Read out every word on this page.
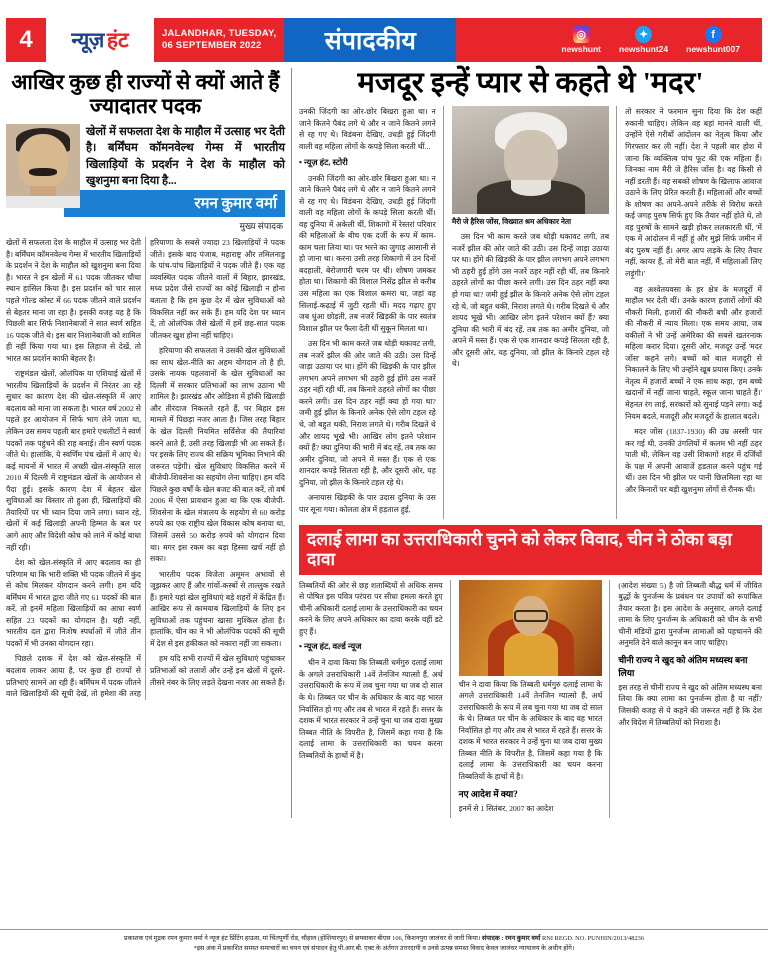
4	न्यूज़ हंट	JALANDHAR, TUESDAY,
06 SEPTEMBER 2022	संपादकीय	◎
newshunt
✦
newshunt24
f
newshunt007
आखिर कुछ ही राज्यों से क्यों आते हैं ज्यादातर पदक
खेलों में सफलता देश के माहौल में उत्साह भर देती है। बर्मिंघम कॉमनवेल्थ गेम्स में भारतीय खिलाड़ियों के प्रदर्शन ने देश के माहौल को खुशनुमा बना दिया है...
रमन कुमार वर्मा
मुख्य संपादक

खेलों में सफलता देश के माहौल में उत्साह भर देती है। बर्मिंघम कॉमनवेल्थ गेम्स में भारतीय खिलाड़ियों के प्रदर्शन ने देश के माहौल को खुशनुमा बना दिया है। भारत ने इन खेलों में 61 पदक जीतकर चौथा स्थान हासिल किया है। इस प्रदर्शन को चार साल पहले गोल्ड कोस्ट में 66 पदक जीतने वाले प्रदर्शन से बेहतर माना जा रहा है। इसकी वजह यह है कि पिछली बार सिर्फ निशानेबाजों ने सात स्वर्ण सहित 16 पदक जीते थे। इस बार निशानेबाजी को शामिल ही नहीं किया गया था। इस लिहाज से देखें, तो भारत का प्रदर्शन काफी बेहतर है।

राष्ट्रमंडल खेलों, ओलंपिक या एशियाई खेलों में भारतीय खिलाड़ियों के प्रदर्शन में निरंतर आ रहे सुधार का कारण देश की खेल-संस्कृति में आए बदलाव को माना जा सकता है। भारत वर्ष 2002 से पहले हर आयोजन में सिर्फ भाग लेने जाता था, लेकिन उस समय पहली बार हमारे एथलीटों ने स्वर्ण पदकों तक पहुंचने की राह बनाई। तीन स्वर्ण पदक जीते थे। हालांकि, ये स्वर्णिम पंच खेलों में आए थे। कई मायनों में भारत में अच्छी खेल-संस्कृति साल 2010 में दिल्ली में राष्ट्रमंडल खेलों के आयोजन से पैदा हुई। इसके कारण देश में बेहतर खेल सुविधाओं का विस्तार तो हुआ ही, खिलाड़ियों की तैयारियों पर भी ध्यान दिया जाने लगा। ध्यान रहे, खेलों में कई खिलाड़ी अपनी हिम्मत के बल पर आगे आए और विदेशी कोच को लाने में कोई बाधा नहीं रही।

देश को खेल-संस्कृति में आए बदलाव का ही परिणाम था कि भारी शक्ति भी पदक जीतने में कुंद से कोच मिलकर योगदान करने लगी। हम यदि बर्मिंघम में भारत द्वारा जीते गए 61 पदकों की बात करें, तो इनमें महिला खिलाड़ियों का आधा स्वर्ण सहित 23 पदकों का योगदान है। यही नहीं, भारतीय दल द्वारा निःशेष स्पर्धाओं में जीते तीन पदकों में भी उनका योगदान रहा।

पिछले दशक में देश को खेल-संस्कृति में बदलाव लाकर आया है, पर कुछ ही राज्यों से प्रतिभाएं सामने आ रही हैं। बर्मिंघम में पदक जीतने वाले खिलाड़ियों की सूची देखें, तो हमेशा की तरह हरियाणा के सबसे ज्यादा 23 खिलाड़ियों ने पदक जीते। इसके बाद पंजाब, महाराष्ट्र और तमिलनाडु के पांच-पांच खिलाड़ियों ने पदक जीते हैं। एक यह व्यवस्थित पदक जीतने वालों में बिहार, झारखंड, मध्य प्रदेश जैसे राज्यों का कोई खिलाड़ी न होना बताता है कि हम कुछ देर में खेल सुविधाओं को विकसित नहीं कर सके हैं। हम यदि देश पर ध्यान दें, तो ओलंपिक जैसे खेलों में हमें छह-सात पदक जीतकर खुश होना नहीं चाहिए।

हरियाणा की सफलता ने उसकी खेल सुविधाओं का साथ खेल-नीति का अहम योगदान तो है ही, उसके नायक पहलवानों के खेल सुविधाओं का दिल्ली में सरकार प्रतिभाओं का लाभ उठाना भी शामिल है। झारखंड और ओडिशा में हॉकी खिलाड़ी और तीरंदाज निकलते रहते हैं, पर बिहार इस मामले में पिछड़ा नजर आता है। जिस तरह बिहार के खेल दिल्ली नियमित सर्विसेज की तैयारियां करने आते हैं, उसी तरह खिलाड़ी भी आ सकते हैं। पर इसके लिए राज्य की सक्रिय भूमिका निभाने की जरूरत पड़ेगी। खेल सुविधाएं विकसित करने में बीजेपी-शिवसेना का सहयोग लेना चाहिए। हम यदि पिछले कुछ वर्षों के खेल बजट की बात करें, तो वर्ष 2006 में ऐसा प्रावधान हुआ था कि एक बीजेपी-शिवसेना के खेल मंत्रालय के सहयोग से 60 करोड़ रुपये का एक राष्ट्रीय खेल विकास कोष बनाया था, जिसमें उससे 50 करोड़ रुपये को योगदान दिया था। मगर इस रकम का बड़ा हिस्सा खर्च नहीं हो सका।

भारतीय पदक विजेता अमूमन अभावों से जूझकर आए हैं और गांवों-कस्बों से ताल्लुक रखते हैं। हमारे यहां खेल सुविधाएं बड़े शहरों में केंद्रित हैं। आखिर रूप से कामयाब खिलाड़ियों के लिए इन सुविधाओं तक पहुंचना खासा मुश्किल होता है। हालांकि, चीन का ने भी ओलंपिक पदकों की सूची में देश से इस हकीकत को नकारा नहीं जा सकता।

हम यदि सभी राज्यों में खेल सुविधाएं पहुंचाकर प्रतिभाओं को तलाशें और उन्हें इन खेलों में दूसरे-तीसरे नंबर के लिए लड़ते देखना नजर आ सकते हैं।

मजदूर इन्हें प्यार से कहते थे 'मदर'

उनकी जिंदगी का ओर-छोर बिखरा हुआ था। न जाने कितने पैबंद लगे थे और न जाने कितने लगने से रह गए थे। विडंबना देखिए, उधड़ी हुई जिंदगी वाली वह महिला लोगों के कपड़े सिला करती थीं...

• न्यूज़ हंट, स्टोरी

उनकी जिंदगी का ओर-छोर बिखरा हुआ था। न जाने कितने पैबंद लगे थे और न जाने कितने लगने से रह गए थे। विडंबना देखिए, उधड़ी हुई जिंदगी वाली वह महिला लोगों के कपड़े सिला करती थीं। वह दुनिया में अकेली थीं, शिकागो में रेस्तरां परिवार की महिलाओं के बीच एक दर्जी के रूप में काम-काम चला लिया था। पर भरने का जुगाड़ आसानी से हो जाना था। करना उसी तरह शिकागो में उन दिनों बदहाली, बेरोजगारी चरम पर थी। शोषण जमकर होता था। शिकागो की विशाल निसेंद्र झील से करीब उस महिला का एक विशाल कमरा था, जहां वह सिलाई-कढ़ाई में जुटी रहती थीं। मदद गढ़ाए हुए जब धुंआ छोड़ती, तब नजरें खिड़की के पार स्वतंत्र विशाल झील पर फैला देती थीं सुकून मिलता था।

उस दिन भी काम करते जब थोड़ी थकावट लगी, तब नजरें झील की ओर जाते की उठी। उस दिन्हें जाड़ा उठाया पर था। होंगे की खिड़की के पार झील लगभग अपने लगभग भी ठहरी हुई होंगे उस नजरें ठहर नहीं रही थीं, तब किनारे ठहरते लोगों का पीछा करने लगी। उस दिन ठहर नहीं क्या हो गया था? जमी हुई झील के किनारे अनेक ऐसे लोग टहल रहे थे, जो बहुत थकी, निराश लगते थे। गरीब दिखते थे और शायद भूखे भी। आखिर लोग इतने परेशान क्यों हैं? क्या दुनिया की भारी में बंद रहें, तब तक का अमीर दुनिया, जो अपने में मस्त हैं। एक से एक शानदार कपड़े सिलता रही है, और दूसरी ओर, यह दुनिया, जो झील के किनारे टहल रहे थे।

अनायास खिड़की के पार उदास दुनिया के उस पार सूना गया। कोलता क्षेत्र में हड़ताल हुई,

मैरी जे हैरिस जोंस, विख्यात श्रम अधिकार नेता

उस दिन भी काम करते जब थोड़ी थकावट लगी, तब नजरें झील की ओर जाते की उठी। उस दिन्हें जाड़ा उठाया पर था। होंगे की खिड़की के पार झील लगभग अपने लगभग भी ठहरी हुई होंगे उस नजरें ठहर नहीं रही थीं, तब किनारे ठहरते लोगों का पीछा करने लगी। उस दिन ठहर नहीं क्या हो गया था? जमी हुई झील के किनारे अनेक ऐसे लोग टहल रहे थे, जो बहुत थकी, निराश लगते थे। गरीब दिखते थे और शायद भूखे भी। आखिर लोग इतने परेशान क्यों हैं? क्या दुनिया की भारी में बंद रहें, तब तक का अमीर दुनिया, जो अपने में मस्त हैं। एक से एक शानदार कपड़े सिलता रही है, और दूसरी ओर, यह दुनिया, जो झील के किनारे टहल रहे थे।

तो सरकार ने फरमान सुना दिया कि देश कहीं रुकानी चाहिए। लेकिन वह बहां मानने वाली थीं, उन्होंने ऐसे गरीबों आंदोलन का नेतृत्व किया और गिरफ्तार कर ली नहीं। देश ने पहली बार होश में जाना कि व्यक्तित्व पांच फूट की एक महिला हैं। जिनका नाम मैरी जे हैरिस जोंस है। वह किसी से नहीं डरती हैं। वह सबको शोषण के खिलाफ आवाज उठाने के लिए प्रेरित करती हैं। महिलाओं और बच्चों के शोषण का अपने-अपने तरीके से विरोध करते कई जगह पुरुष सिर्फ हुए कि तैयार नहीं होते थे, तो वह पुरुषों के सामने खड़ी होकर ललकारती थीं, 'में एक में आंदोलन में नहीं हूं और मुझे सिर्फ जमीन में बंद पुरुष नहीं हैं। अगर आप लड़के के लिए तैयार नहीं, कायर हैं, तो मेरी बात नहीं, मैं महिलाओं लिए लड़ूंगी।'

वह अश्वेतयवसा के हर क्षेत्र के मजदूरों में माहौल भर देती थीं। उनके कारण हजारों लोगों की नौकरी मिली, हजारों की नौकरी बची और हजारों की नौकरी में न्याय मिला। एक समय आया, जब वकीलों ने भी उन्हें अमेरिका की सबसे खतरनाक महिला करार दिया। दूसरी ओर, मजदूर उन्हें 'मदर जोंस' कहने लगे। बच्चों को बाल मजदूरी से निकालने के लिए भी उन्होंने खूब प्रयास किए। उनके नेतृत्व में हजारों बच्चों ने एक साथ कहा, 'हम बच्चे खदानों में नहीं जाना चाहते, स्कूल जाना चाहते हैं।' मेहनत रंग लाई, सरकारों को सुनाई पड़ने लगा। कई नियम बदले, मजदूरी और मजदूरों के हालात बदले।

मदर जोंस (1837-1930) की उम्र अस्सी पार कर गई थी, उनकी उंगलियों में कलम भी नहीं ठहर पाती थी, लेकिन वह उसी शिकागो शहर में दर्जियों के पक्ष में अपनी आवाजें हडताल करने पहुंच गई थीं। उस दिन भी झील पर पानी छिलमिला रहा था और किनारों पर बड़ी खुशनुमा लोगों से रौनक थी।

दलाई लामा का उत्तराधिकारी चुनने को लेकर विवाद, चीन ने ठोका बड़ा दावा

तिब्बतियों की ओर से छह शताब्दियों से अधिक समय से पोषित इस पवित्र परंपरा पर सीधा हमला करते हुए चीनी अधिकारी दलाई लामा के उत्तराधिकारी का चयन करने के लिए अपने अधिकार का दावा करके वहीं डटे हुए हैं।

• न्यूज हंट, वर्ल्ड न्यूज

चीन ने दावा किया कि तिब्बती धर्मगुरु दलाई लामा के अगले उत्तराधिकारी 14वें तेनजिन ग्यात्सो हैं, अर्थ उत्तराधिकारी के रूप में लब चुना गया था जब दो साल के थे। तिब्बत पर चीन के अधिकार के बाद वह भारत निर्वासित हो गए और तब से भारत में रहते हैं। सत्तर के दशक में भारत सरकार ने उन्हें चुना था जब दावा मुख्य तिब्बत नीति के विपरीत है, जिसमें कहा गया है कि दलाई लामा के उत्तराधिकारी का चयन करना तिब्बतियों के हाथों में है।

चीन ने दावा किया कि तिब्बती धर्मगुरु दलाई लामा के अगले उत्तराधिकारी 14वें तेनजिन ग्यात्सो हैं, अर्थ उत्तराधिकारी के रूप में लब चुना गया था जब दो साल के थे। तिब्बत पर चीन के अधिकार के बाद वह भारत निर्वासित हो गए और तब से भारत में रहते हैं। सत्तर के दशक में भारत सरकार ने उन्हें चुना था जब दावा मुख्य तिब्बत नीति के विपरीत है, जिसमें कहा गया है कि दलाई लामा के उत्तराधिकारी का चयन करना तिब्बतियों के हाथों में है।

नए आदेश में क्या?

इनमें से 1 सितंबर, 2007 का आदेश

(आदेश संख्या 5) है जो तिब्बती बौद्ध धर्म में जीवित बुद्धों के पुनर्जन्म के प्रबंधन पर उपायों को रूपांकित तैयार करता है। इस आदेश के अनुसार, अगले दलाई लामा के लिए पुनर्जन्म के अधिकारी को चीन के सभी चीनी मंडियों द्वारा पुनर्जन्म लामाओं को पहचानने की अनुमति देने वाले कानून बन जाए चाहिए।

चीनी राज्य ने खुद को अंतिम मध्यस्थ बना लिया

इस तरह से चीनी राज्य ने खुद को अंतिम मध्यस्थ बना लिया कि क्या लामा का पुनर्जन्म होता है या नहीं? जिसकी वजह से ये कहने की जरूरत नहीं है कि देश और विदेश में तिब्बतियों को निराशा है।

प्रकाशक एवं मुद्रक रमन कुमार वर्मा ने न्यूज हंट प्रिंटिंग हाऊस, मां चिंतपूर्णी रोड, चौहाल (होशियारपुर) से छपवाकर बीएस 106, किशनपुरा जालंधर से जारी किया। संपादक : रमन कुमार वर्मा RNI REGD. NO. PUNHIN/2013/48236
*इस अंक में प्रकाशित समस्त समाचारों का चयन एवं संपादन हेतु पी.आर.बी. एक्ट के अंर्तगत उत्तरदायी व उनसे उत्पन्न समस्त विवाद केवल जालंधर न्यायालय के अधीन होंगे।
